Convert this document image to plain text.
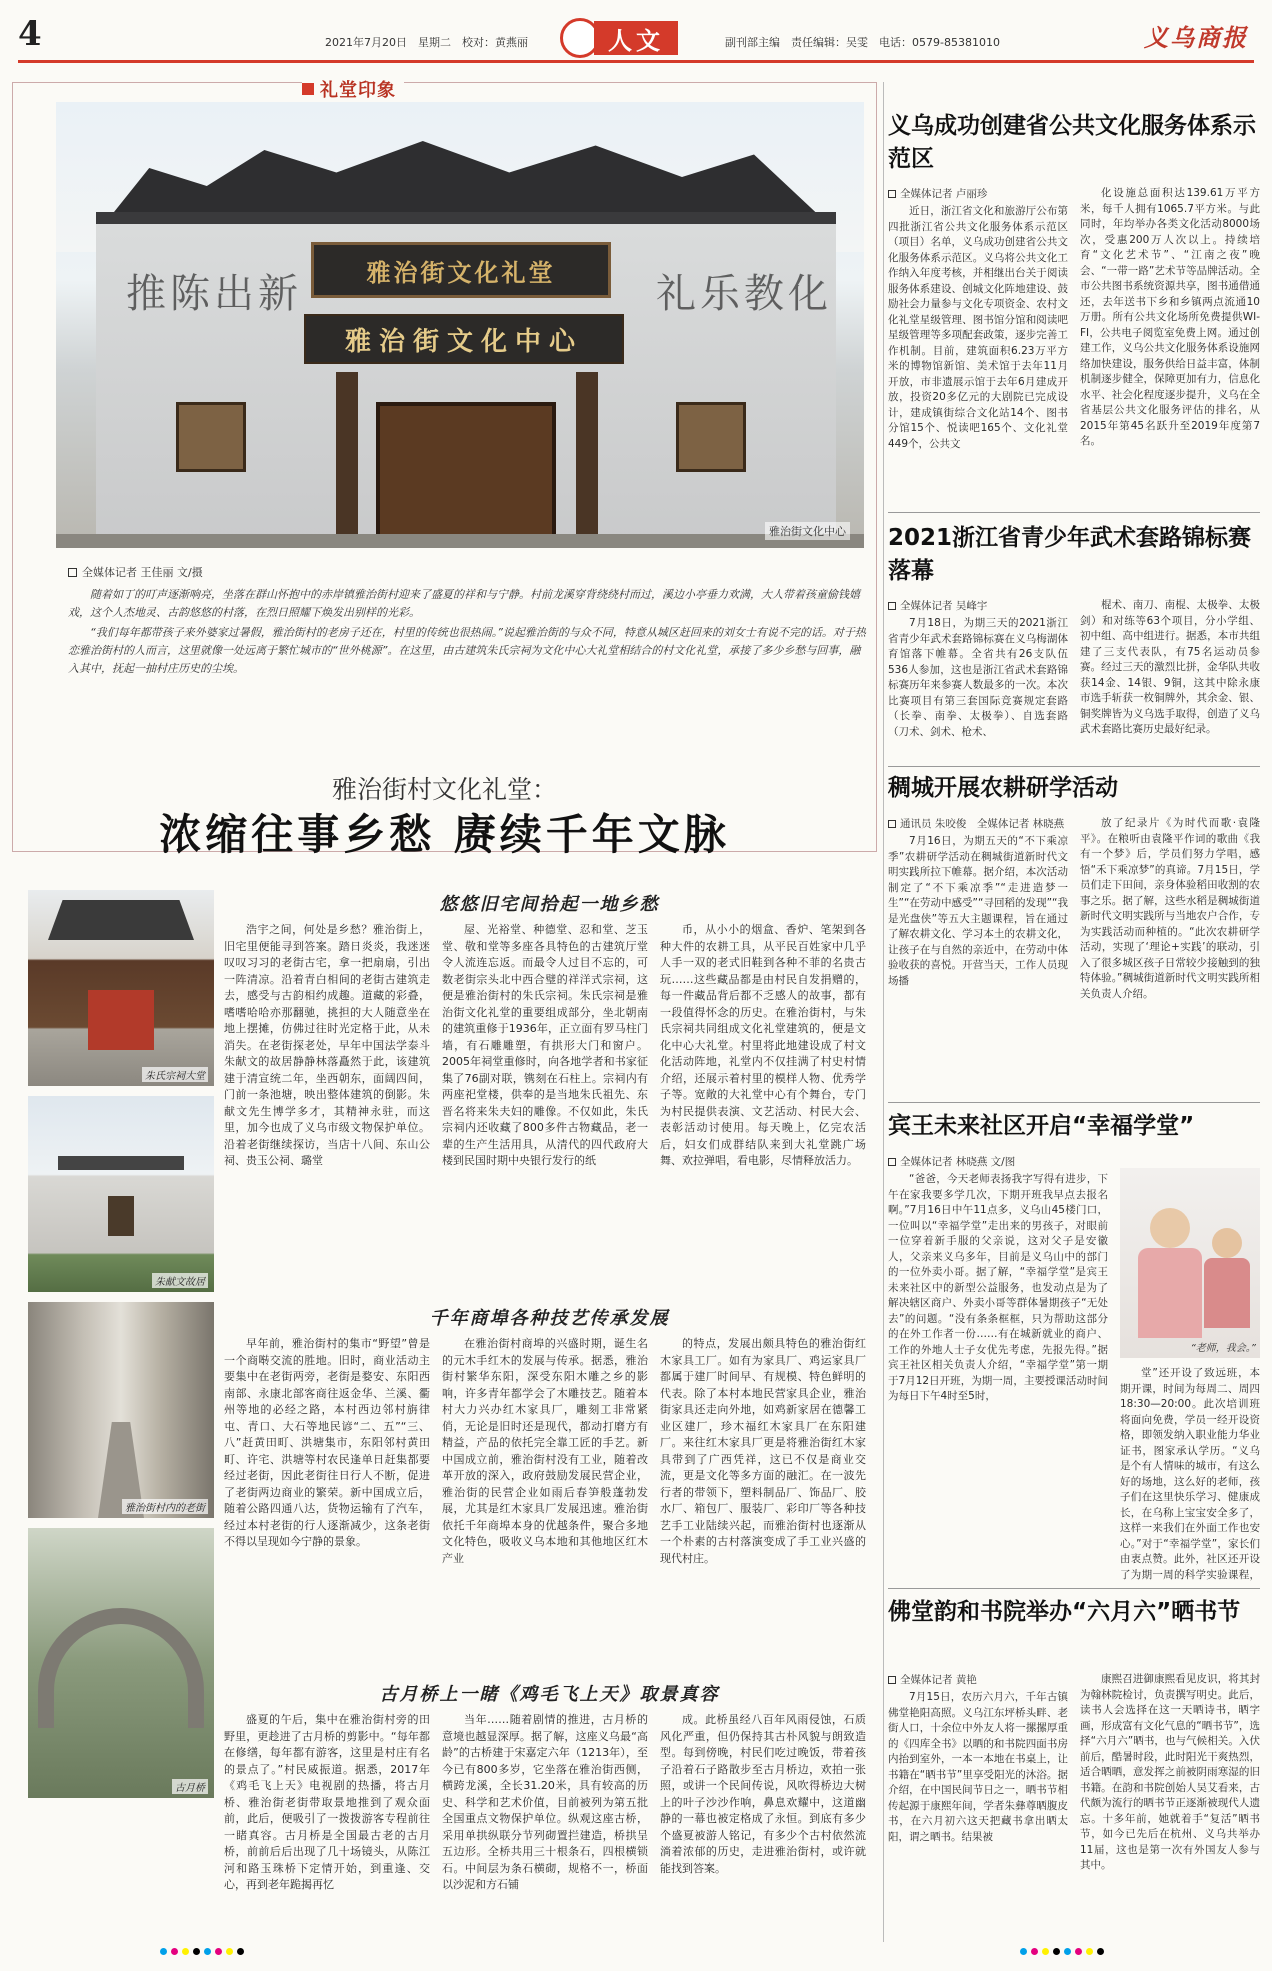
4	2021年7月20日　星期二　校对：黄燕丽	人文	副刊部主编　责任编辑：吴雯　电话：0579-85381010	义乌商报
礼堂印象
推陈出新	礼乐教化
雅治街文化礼堂
雅治街文化中心
雅治街文化中心
全媒体记者 王佳丽 文/摄

随着如丁的叮声逐渐响亮，坐落在群山怀抱中的赤岸镇雅治街村迎来了盛夏的祥和与宁静。村前龙溪穿背绕绕村而过，溪边小亭垂力欢满，大人带着孩童偷钱嬉戏，这个人杰地灵、古韵悠悠的村落，在烈日照耀下焕发出别样的光彩。

“我们每年都带孩子来外婆家过暑假，雅治街村的老房子还在，村里的传统也很热闹。”说起雅治街的与众不同，特意从城区赶回来的刘女士有说不完的话。对于热恋雅治街村的人而言，这里就像一处远离于繁忙城市的“世外桃源”。在这里，由古建筑朱氏宗祠为文化中心大礼堂相结合的村文化礼堂，承接了多少乡愁与回事，融入其中，抚起一抽村庄历史的尘埃。

雅治街村文化礼堂：
浓缩往事乡愁 赓续千年文脉
朱氏宗祠大堂
朱献文故居
雅治街村内的老街
古月桥
悠悠旧宅间拾起一地乡愁

浩宇之间，何处是乡愁？雅治街上，旧宅里便能寻到答案。踏日炎炎，我迷迷叹叹习习的老街古宅，拿一把扇扇，引出一阵清凉。沿着青白相间的老街古建筑走去，感受与古韵相约成趣。道藏的彩叠，嗜嗜哈哈亦那翻驰，挑担的大人随意坐在地上摆摊，仿佛过往时光定格于此，从未消失。在老街探老处，早年中国法学泰斗朱献文的故居静静林落矗然于此，该建筑建于清宣统二年，坐西朝东，面阔四间，门前一条池塘，映出整体建筑的倒影。朱献文先生博学多才，其精神永驻，而这里，加今也成了义乌市级文物保护单位。沿着老街继续探访，当店十八间、东山公祠、贵玉公祠、璐堂

屋、光裕堂、种德堂、忍和堂、芝玉堂、敬和堂等多座各具特色的古建筑厅堂令人流连忘返。而最令人过目不忘的，可数老街宗头北中西合璧的祥洋式宗祠，这便是雅治街村的朱氏宗祠。朱氏宗祠是雅治街文化礼堂的重要组成部分，坐北朝南的建筑重修于1936年，正立面有罗马柱门墙，有石雕雕塑，有拱形大门和窗户。2005年祠堂重修时，向各地学者和书家征集了76副对联，镌刻在石柱上。宗祠内有两座祀堂楼，供奉的是当地朱氏祖先、东晋名将来朱夫妇的雕像。不仅如此，朱氏宗祠内还收藏了800多件古物藏品，老一辈的生产生活用具，从清代的四代政府大楼到民国时期中央银行发行的纸

币，从小小的烟盒、香炉、笔架到各种大件的农耕工具，从平民百姓家中几乎人手一双的老式旧鞋到各种不菲的名贵古玩……这些藏品都是由村民自发捐赠的，每一件藏品背后都不乏感人的故事，都有一段值得怀念的历史。在雅治街村，与朱氏宗祠共同组成文化礼堂建筑的，便是文化中心大礼堂。村里将此地建设成了村文化活动阵地，礼堂内不仅挂满了村史村情介绍，还展示着村里的模样人物、优秀学子等。宽敞的大礼堂中心有个舞台，专门为村民提供表演、文艺活动、村民大会、表彰活动讨使用。每天晚上，亿完农活后，妇女们成群结队来到大礼堂跳广场舞、欢拉弹唱，看电影，尽情释放活力。

千年商埠各种技艺传承发展

早年前，雅治街村的集市“野望”曾是一个商啭交流的胜地。旧时，商业活动主要集中在老街两旁，老街是婺安、东阳西南部、永康北部客商往返金华、兰溪、衢州等地的必经之路，本村西边邻村旃律屯、青口、大石等地民谚“二、五”“三、八”赶黄田町、洪塘集市，东阳邻村黄田町、许宅、洪塘等村农民逢单日赶集都要经过老街，因此老街往日行人不断，促进了老街两边商业的繁荣。新中国成立后，随着公路四通八达，货物运输有了汽车，经过本村老街的行人逐渐减少，这条老街不得以呈现如今宁静的景象。

在雅治街村商埠的兴盛时期，诞生名的元木手红木的发展与传承。据悉，雅治街村繁华东阳，深受东阳木雕之乡的影响，许多青年都学会了木雕技艺。随着本村大力兴办红木家具厂，雕刻工非常紧俏，无论是旧时还是现代，都动打磨方有精益，产品的依托完全靠工匠的手艺。新中国成立前，雅治街村没有工业，随着改革开放的深入，政府鼓励发展民营企业，雅治街的民营企业如雨后春笋般蓬勃发展，尤其是红木家具厂发展迅速。雅治街依托千年商埠本身的优越条件，聚合多地文化特色，吸收义乌本地和其他地区红木产业

的特点，发展出颇具特色的雅治街红木家具工厂。如有为家具厂、鸡运家具厂都属于建厂时间早、有规模、特色鲜明的代表。除了本村本地民营家具企业，雅治街家具还走向外地，如鸡新家居在德馨工业区建厂，珍木福红木家具厂在东阳建厂。来往红木家具厂更是将雅治街红木家具带到了广西凭祥，这已不仅是商业交流，更是文化等多方面的融汇。在一波先行者的带领下，塑料制品厂、饰品厂、胶水厂、箱包厂、服装厂、彩印厂等各种技艺手工业陆续兴起，而雅治街村也逐渐从一个朴素的古村落演变成了手工业兴盛的现代村庄。

古月桥上一睹《鸡毛飞上天》取景真容

盛夏的午后，集中在雅治街村旁的田野里，更趁进了古月桥的剪影中。“每年都在修缮，每年都有游客，这里是村庄有名的景点了。”村民威振道。据悉，2017年《鸡毛飞上天》电视剧的热播，将古月桥、雅治街老街带取景地推到了观众面前，此后，便吸引了一拨拨游客专程前往一睹真容。古月桥是全国最古老的古月桥，前前后后出现了几十场镜头，从陈江河和路玉珠桥下定情开始，到重逢、交心，再到老年跪揭再忆

当年……随着剧情的推进，古月桥的意境也越显深厚。据了解，这座义乌最“高龄”的古桥建于宋嘉定六年（1213年），至今已有800多岁，它坐落在雅治街西侧，横跨龙溪，全长31.20米，具有较高的历史、科学和艺术价值，目前被列为第五批全国重点文物保护单位。纵观这座古桥，采用单拱纵联分节列砌置拦建造，桥拱呈五边形。全桥共用三十根条石，四根横锁石。中间层为条石横砌，规格不一，桥面以沙泥和方石铺

成。此桥虽经八百年风雨侵蚀，石质风化严重，但仍保持其古朴风貌与朗致造型。每到傍晚，村民们吃过晚饭，带着孩子沿着石子路散步至古月桥边，欢拍一张照，或讲一个民间传说，风吹得桥边大树上的叶子沙沙作响，鼻息欢耀中，这道幽静的一幕也被定格成了永恒。到底有多少个盛夏被游人铭记，有多少个古村依然流淌着浓郁的历史，走进雅治街村，或许就能找到答案。

义乌成功创建省公共文化服务体系示范区
全媒体记者 卢丽珍

近日，浙江省文化和旅游厅公布第四批浙江省公共文化服务体系示范区（项目）名单，义乌成功创建省公共文化服务体系示范区。义乌将公共文化工作纳入年度考核，并相继出台关于阅读服务体系建设、创城文化阵地建设、鼓励社会力量参与文化专项资金、农村文化礼堂星级管理、图书馆分馆和阅读吧星级管理等多项配套政策，逐步完善工作机制。目前，建筑面积6.23万平方米的博物馆新馆、美术馆于去年11月开放，市非遗展示馆于去年6月建成开放，投资20多亿元的大剧院已完成设计，建成镇街综合文化站14个、图书分馆15个、悦读吧165个、文化礼堂449个，公共文

化设施总面积达139.61万平方米，每千人拥有1065.7平方米。与此同时，年均举办各类文化活动8000场次，受惠200万人次以上。持续培育“文化艺术节”、“江南之夜”晚会、“一带一路”艺术节等品牌活动。全市公共图书系统资源共享，图书通借通还，去年送书下乡和乡镇两点流通10万册。所有公共文化场所免费提供WI-FI，公共电子阅览室免费上网。通过创建工作，义乌公共文化服务体系设施网络加快建设，服务供给日益丰富，体制机制逐步健全，保障更加有力，信息化水平、社会化程度逐步提升，义乌在全省基层公共文化服务评估的排名，从2015年第45名跃升至2019年度第7名。

2021浙江省青少年武术套路锦标赛落幕
全媒体记者 吴峰宇

7月18日，为期三天的2021浙江省青少年武术套路锦标赛在义乌梅湖体育馆落下帷幕。全省共有26支队伍536人参加，这也是浙江省武术套路锦标赛历年来参赛人数最多的一次。本次比赛项目有第三套国际竞赛规定套路（长拳、南拳、太极拳）、自选套路（刀术、剑术、枪术、

棍术、南刀、南棍、太极拳、太极剑）和对练等63个项目，分小学组、初中组、高中组进行。据悉，本市共组建了三支代表队，有75名运动员参赛。经过三天的激烈比拼，金华队共收获14金、14银、9铜，这其中除永康市选手斩获一枚铜牌外，其余金、银、铜奖牌皆为义乌选手取得，创造了义乌武术套路比赛历史最好纪录。

稠城开展农耕研学活动
通讯员 朱咬俊　全媒体记者 林晓燕

7月16日，为期五天的“不下乘凉季”农耕研学活动在稠城街道新时代文明实践所拉下帷幕。据介绍，本次活动制定了“不下乘凉季”“走进造梦一生”“在劳动中感受”“寻回稻的发现”“我是光盘侠”等五大主题课程，旨在通过了解农耕文化、学习本土的农耕文化，让孩子在与自然的亲近中，在劳动中体验收获的喜悦。开营当天，工作人员现场播

放了纪录片《为时代而歌·袁隆平》。在粮听由袁隆平作词的歌曲《我有一个梦》后，学员们努力学唱，感悟“禾下乘凉梦”的真谛。7月15日，学员们走下田间，亲身体验稻田收割的农事之乐。据了解，这些水稻是稠城街道新时代文明实践所与当地农户合作，专为实践活动而种植的。“此次农耕研学活动，实现了‘理论+实践’的联动，引入了很多城区孩子日常较少接触到的独特体验。”稠城街道新时代文明实践所相关负责人介绍。

宾王未来社区开启“幸福学堂”
全媒体记者 林晓燕 文/图

“爸爸，今天老师表扬我字写得有进步，下午在家我要多学几次，下期开班我早点去报名啊。”7月16日中午11点多，义乌山45楼门口，一位叫以“幸福学堂”走出来的男孩子，对眼前一位穿着新手服的父亲说，这对父子是安徽人，父亲来义乌多年，目前是义乌山中的部门的一位外卖小哥。据了解，“幸福学堂”是宾王未来社区中的新型公益服务，也发动点是为了解决辖区商户、外卖小哥等群体暑期孩子“无处去”的问题。“没有条条框框，只为帮助这部分的在外工作者一份……有在城新就业的商户、工作的外地人士子女优先考虑，先报先得。”据宾王社区相关负责人介绍，“幸福学堂”第一期于7月12日开班，为期一周，主要授课活动时间为每日下午4时至5时，

“老师，我会。”

堂”还开设了致远班，本期开课，时间为每周二、周四18:30—20:00。此次培训班将面向免费，学员一经开设资格，即领发纳入职业能力华业证书，图家承认学历。“义乌是个有人情味的城市，有这么好的场地，这么好的老师，孩子们在这里快乐学习、健康成长，在乌称上宝宝安全多了，这样一来我们在外面工作也安心。”对于“幸福学堂”，家长们由衷点赞。此外，社区还开设了为期一周的科学实验课程，

佛堂韵和书院举办“六月六”晒书节
全媒体记者 黄艳

7月15日，农历六月六，千年古镇佛堂艳阳高照。义乌江东坪桥头畔、老街人口，十余位中外友人将一摞摞厚重的《四库全书》以晒的和书院四面书房内抬到室外，一本一本地在书桌上，让书籍在“晒书节”里享受阳光的沐浴。据介绍，在中国民间节日之一，晒书节相传起源于康熙年间，学者朱彝尊晒腹皮书，在六月初六这天把藏书拿出晒太阳，谓之晒书。结果被

康熙召进御康熙看见皮识，将其封为翰林院检讨，负责撰写明史。此后，读书人会选择在这一天晒诗书，晒字画，形成富有文化气息的“晒书节”，选择“六月六”晒书，也与气候相关。入伏前后，酷暑时段，此时阳光干爽热烈，适合晒晒，意发挥之前被阴雨寒湿的旧书籍。在韵和书院创始人吴艾看来，古代颇为流行的晒书节正逐渐被现代人遗忘。十多年前，她就着手“复活”晒书节，如今已先后在杭州、义乌共举办11届，这也是第一次有外国友人参与其中。
